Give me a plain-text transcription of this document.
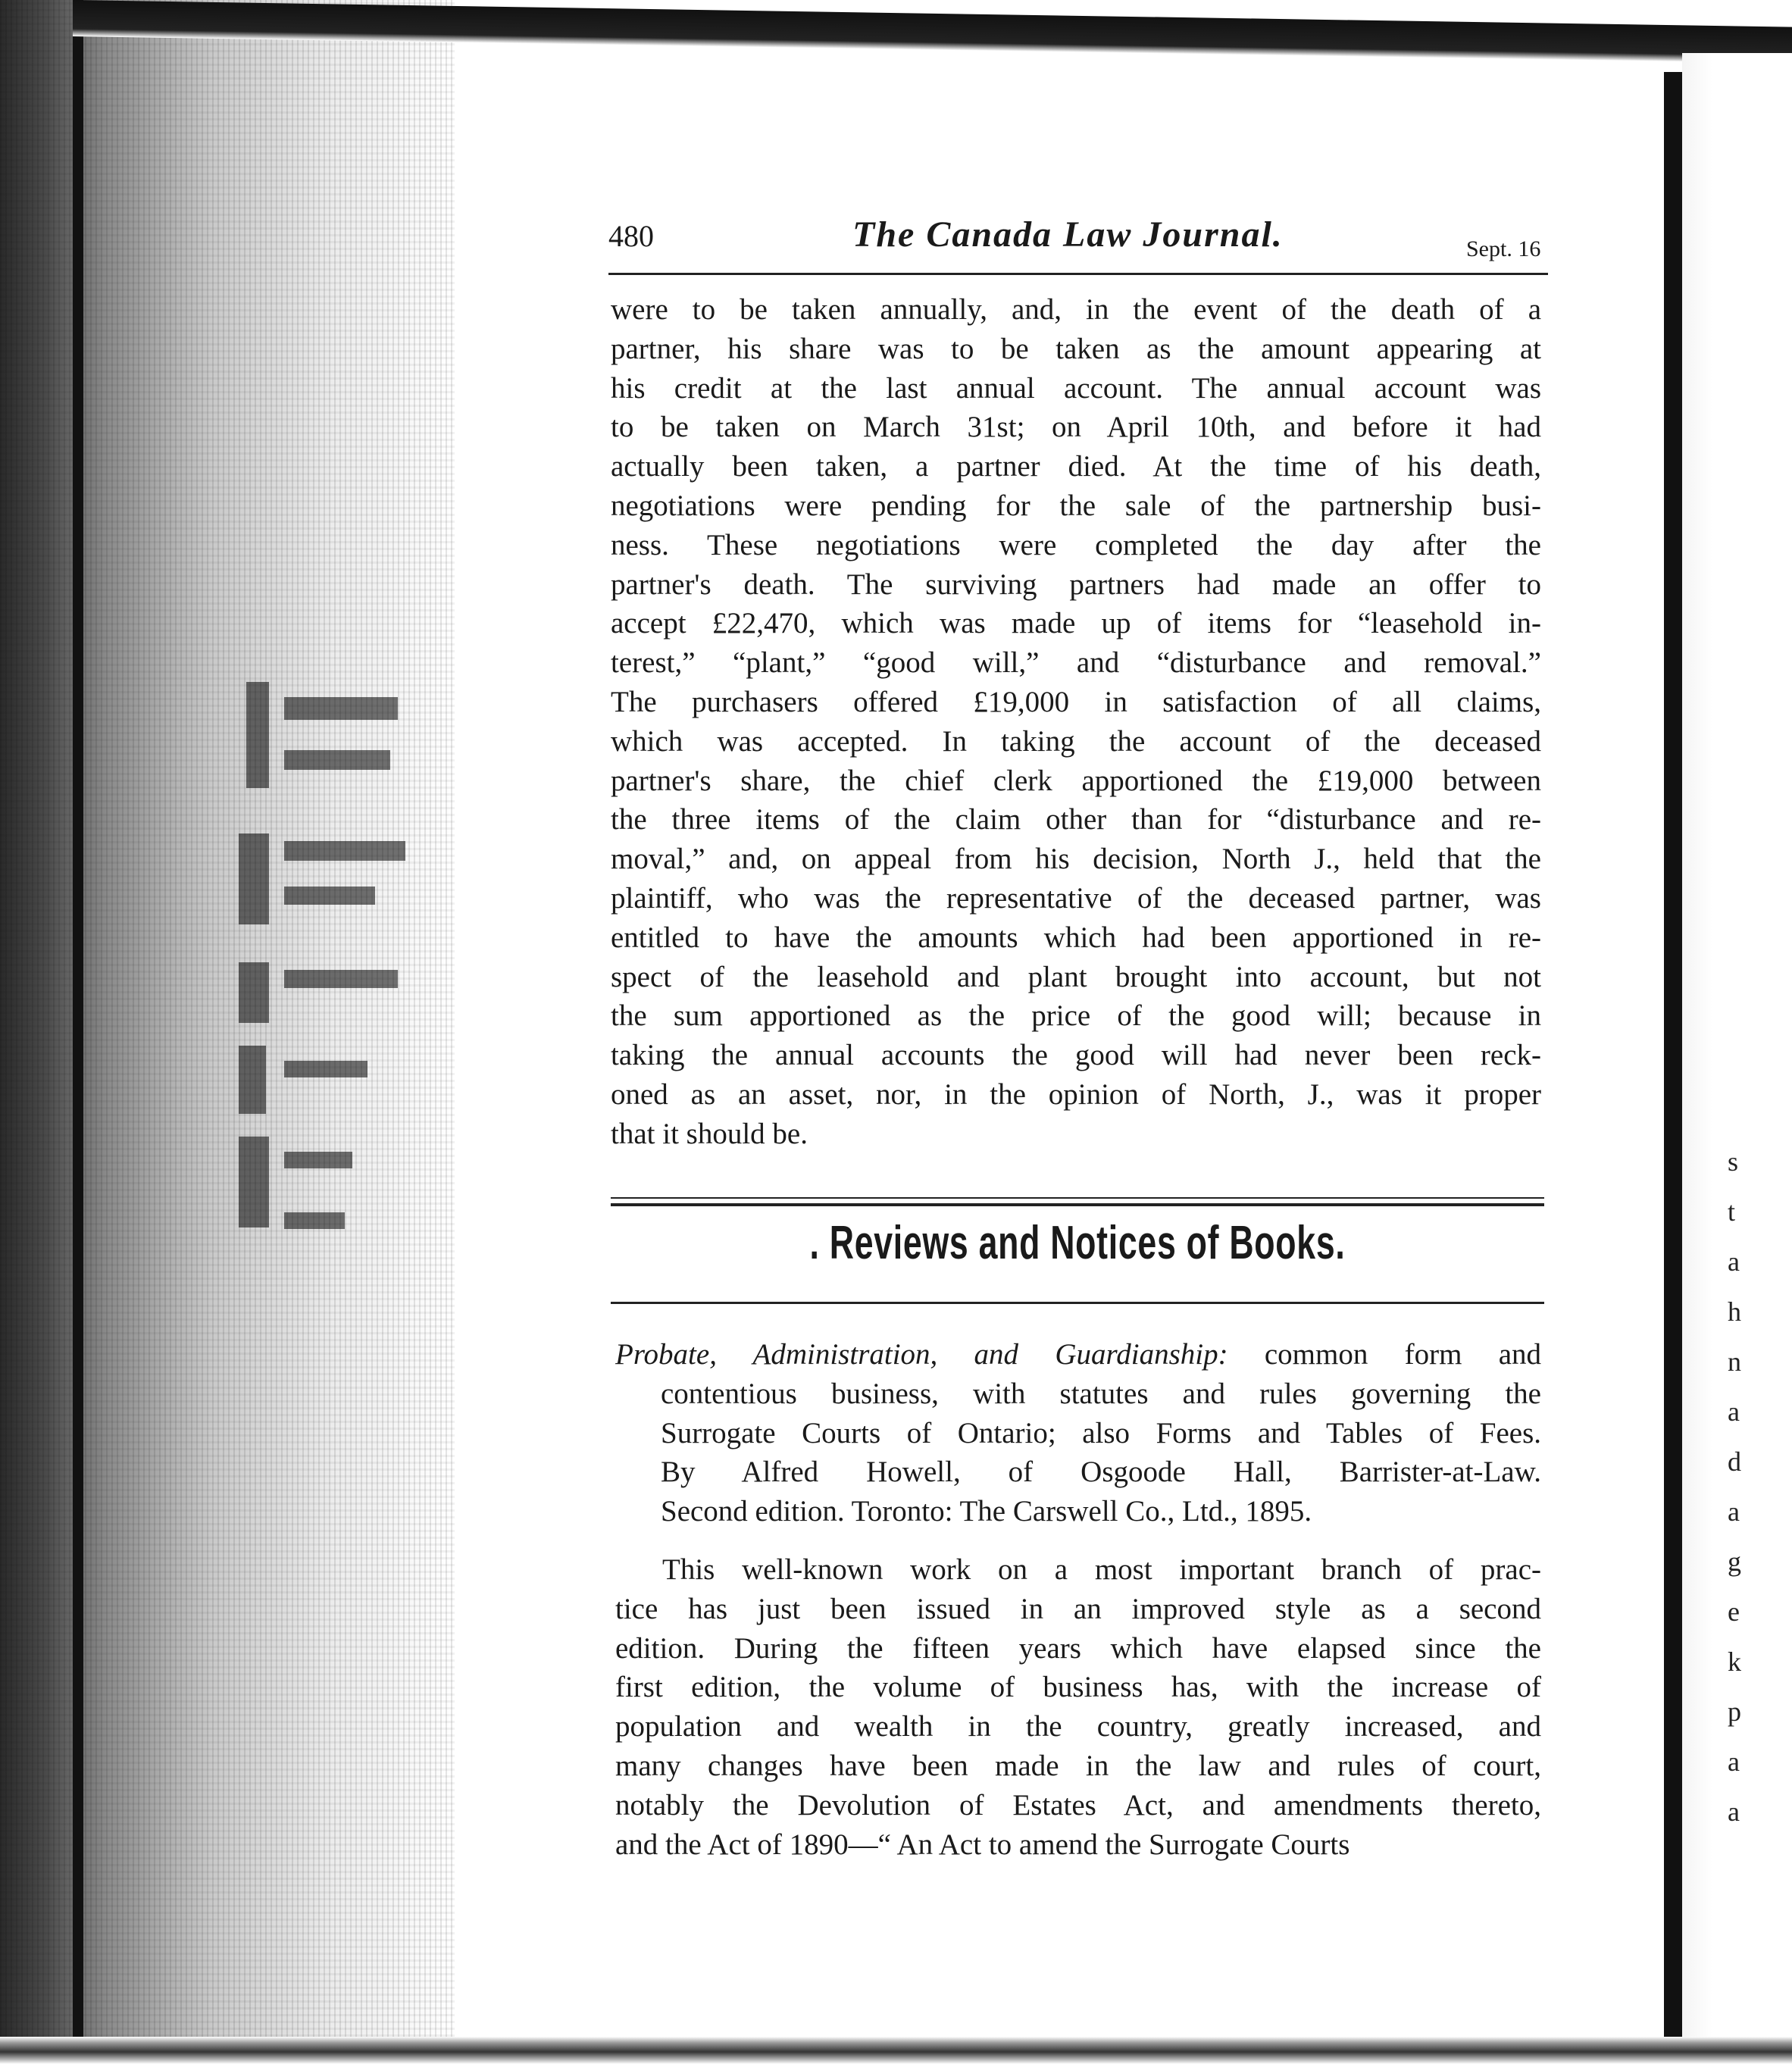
s
t
a
h
n
a
d
a
g
e
k
p
a
a
480	The Canada Law Journal.	Sept. 16
were to be taken annually, and, in the event of the death of a
partner, his share was to be taken as the amount appearing at
his credit at the last annual account. The annual account was
to be taken on March 31st; on April 10th, and before it had
actually been taken, a partner died. At the time of his death,
negotiations were pending for the sale of the partnership busi-
ness. These negotiations were completed the day after the
partner's death. The surviving partners had made an offer to
accept £22,470, which was made up of items for “leasehold in-
terest,” “plant,” “good will,” and “disturbance and removal.”
The purchasers offered £19,000 in satisfaction of all claims,
which was accepted. In taking the account of the deceased
partner's share, the chief clerk apportioned the £19,000 between
the three items of the claim other than for “disturbance and re-
moval,” and, on appeal from his decision, North J., held that the
plaintiff, who was the representative of the deceased partner, was
entitled to have the amounts which had been apportioned in re-
spect of the leasehold and plant brought into account, but not
the sum apportioned as the price of the good will; because in
taking the annual accounts the good will had never been reck-
oned as an asset, nor, in the opinion of North, J., was it proper
that it should be.
. Reviews and Notices of Books.
Probate, Administration, and Guardianship: common form and
contentious business, with statutes and rules governing the
Surrogate Courts of Ontario; also Forms and Tables of Fees.
By Alfred Howell, of Osgoode Hall, Barrister-at-Law.
Second edition. Toronto: The Carswell Co., Ltd., 1895.
This well-known work on a most important branch of prac-
tice has just been issued in an improved style as a second
edition. During the fifteen years which have elapsed since the
first edition, the volume of business has, with the increase of
population and wealth in the country, greatly increased, and
many changes have been made in the law and rules of court,
notably the Devolution of Estates Act, and amendments thereto,
and the Act of 1890—“ An Act to amend the Surrogate Courts
